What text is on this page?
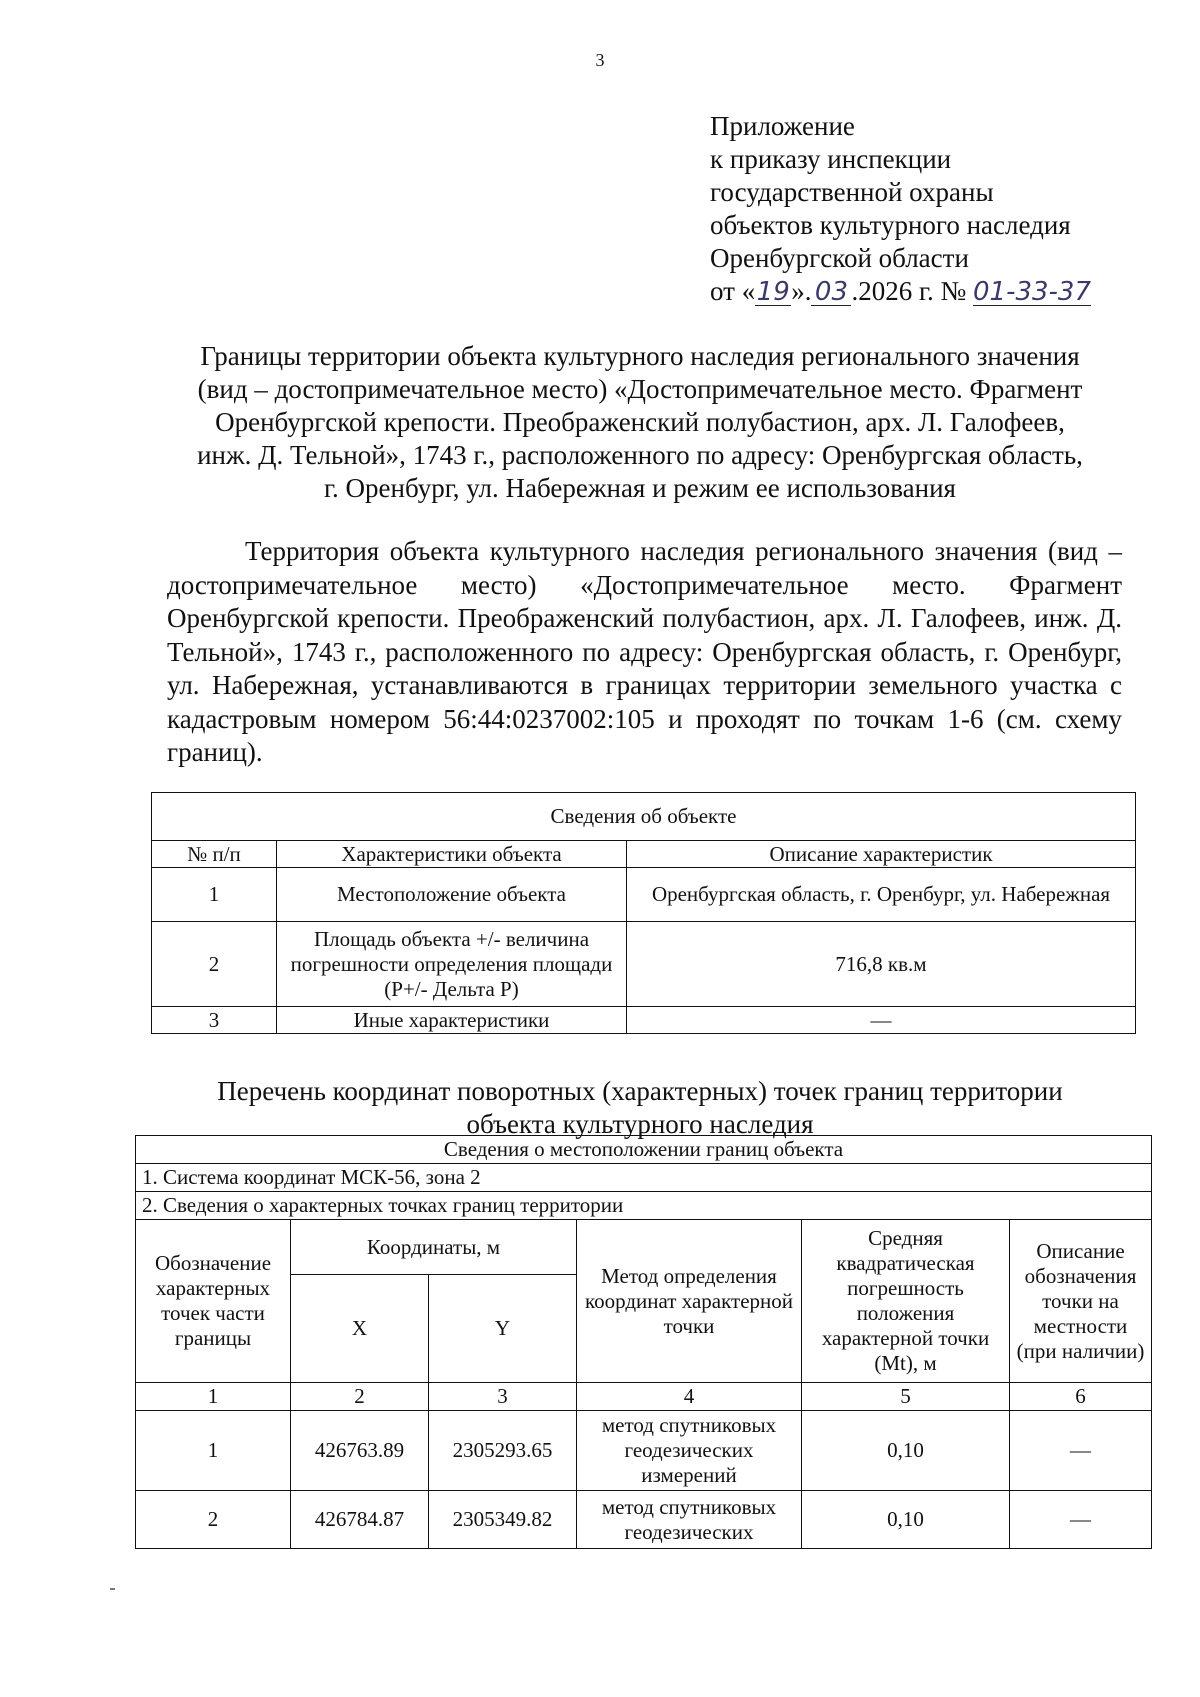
3
Приложение
к приказу инспекции
государственной охраны
объектов культурного наследия
Оренбургской области
от «19». 03 .2026 г. № 01-33-37
Границы территории объекта культурного наследия регионального значения
(вид – достопримечательное место) «Достопримечательное место. Фрагмент
Оренбургской крепости. Преображенский полубастион, арх. Л. Галофеев,
инж. Д. Тельной», 1743 г., расположенного по адресу: Оренбургская область,
г. Оренбург, ул. Набережная и режим ее использования
Территория объекта культурного наследия регионального значения (вид – достопримечательное место) «Достопримечательное место. Фрагмент Оренбургской крепости. Преображенский полубастион, арх. Л. Галофеев, инж. Д. Тельной», 1743 г., расположенного по адресу: Оренбургская область, г. Оренбург, ул. Набережная, устанавливаются в границах территории земельного участка с кадастровым номером 56:44:0237002:105 и проходят по точкам 1-6 (см. схему границ).
Сведения об объекте		
№ п/п	Характеристики объекта	Описание характеристик
1	Местоположение объекта	Оренбургская область, г. Оренбург, ул. Набережная
2	Площадь объекта +/- величина погрешности определения площади (Р+/- Дельта Р)	716,8 кв.м
3	Иные характеристики	—
Перечень координат поворотных (характерных) точек границ территории
объекта культурного наследия
Сведения о местоположении границ объекта					
1. Система координат МСК-56, зона 2					
2. Сведения о характерных точках границ территории					
Обозначение характерных точек части границы	Координаты, м		Метод определения координат характерной точки	Средняя квадратическая погрешность положения характерной точки (Mt), м	Описание обозначения точки на местности (при наличии)
	X	Y			
1	2	3	4	5	6
1	426763.89	2305293.65	метод спутниковых геодезических измерений	0,10	—
2	426784.87	2305349.82	метод спутниковых геодезических	0,10	—
